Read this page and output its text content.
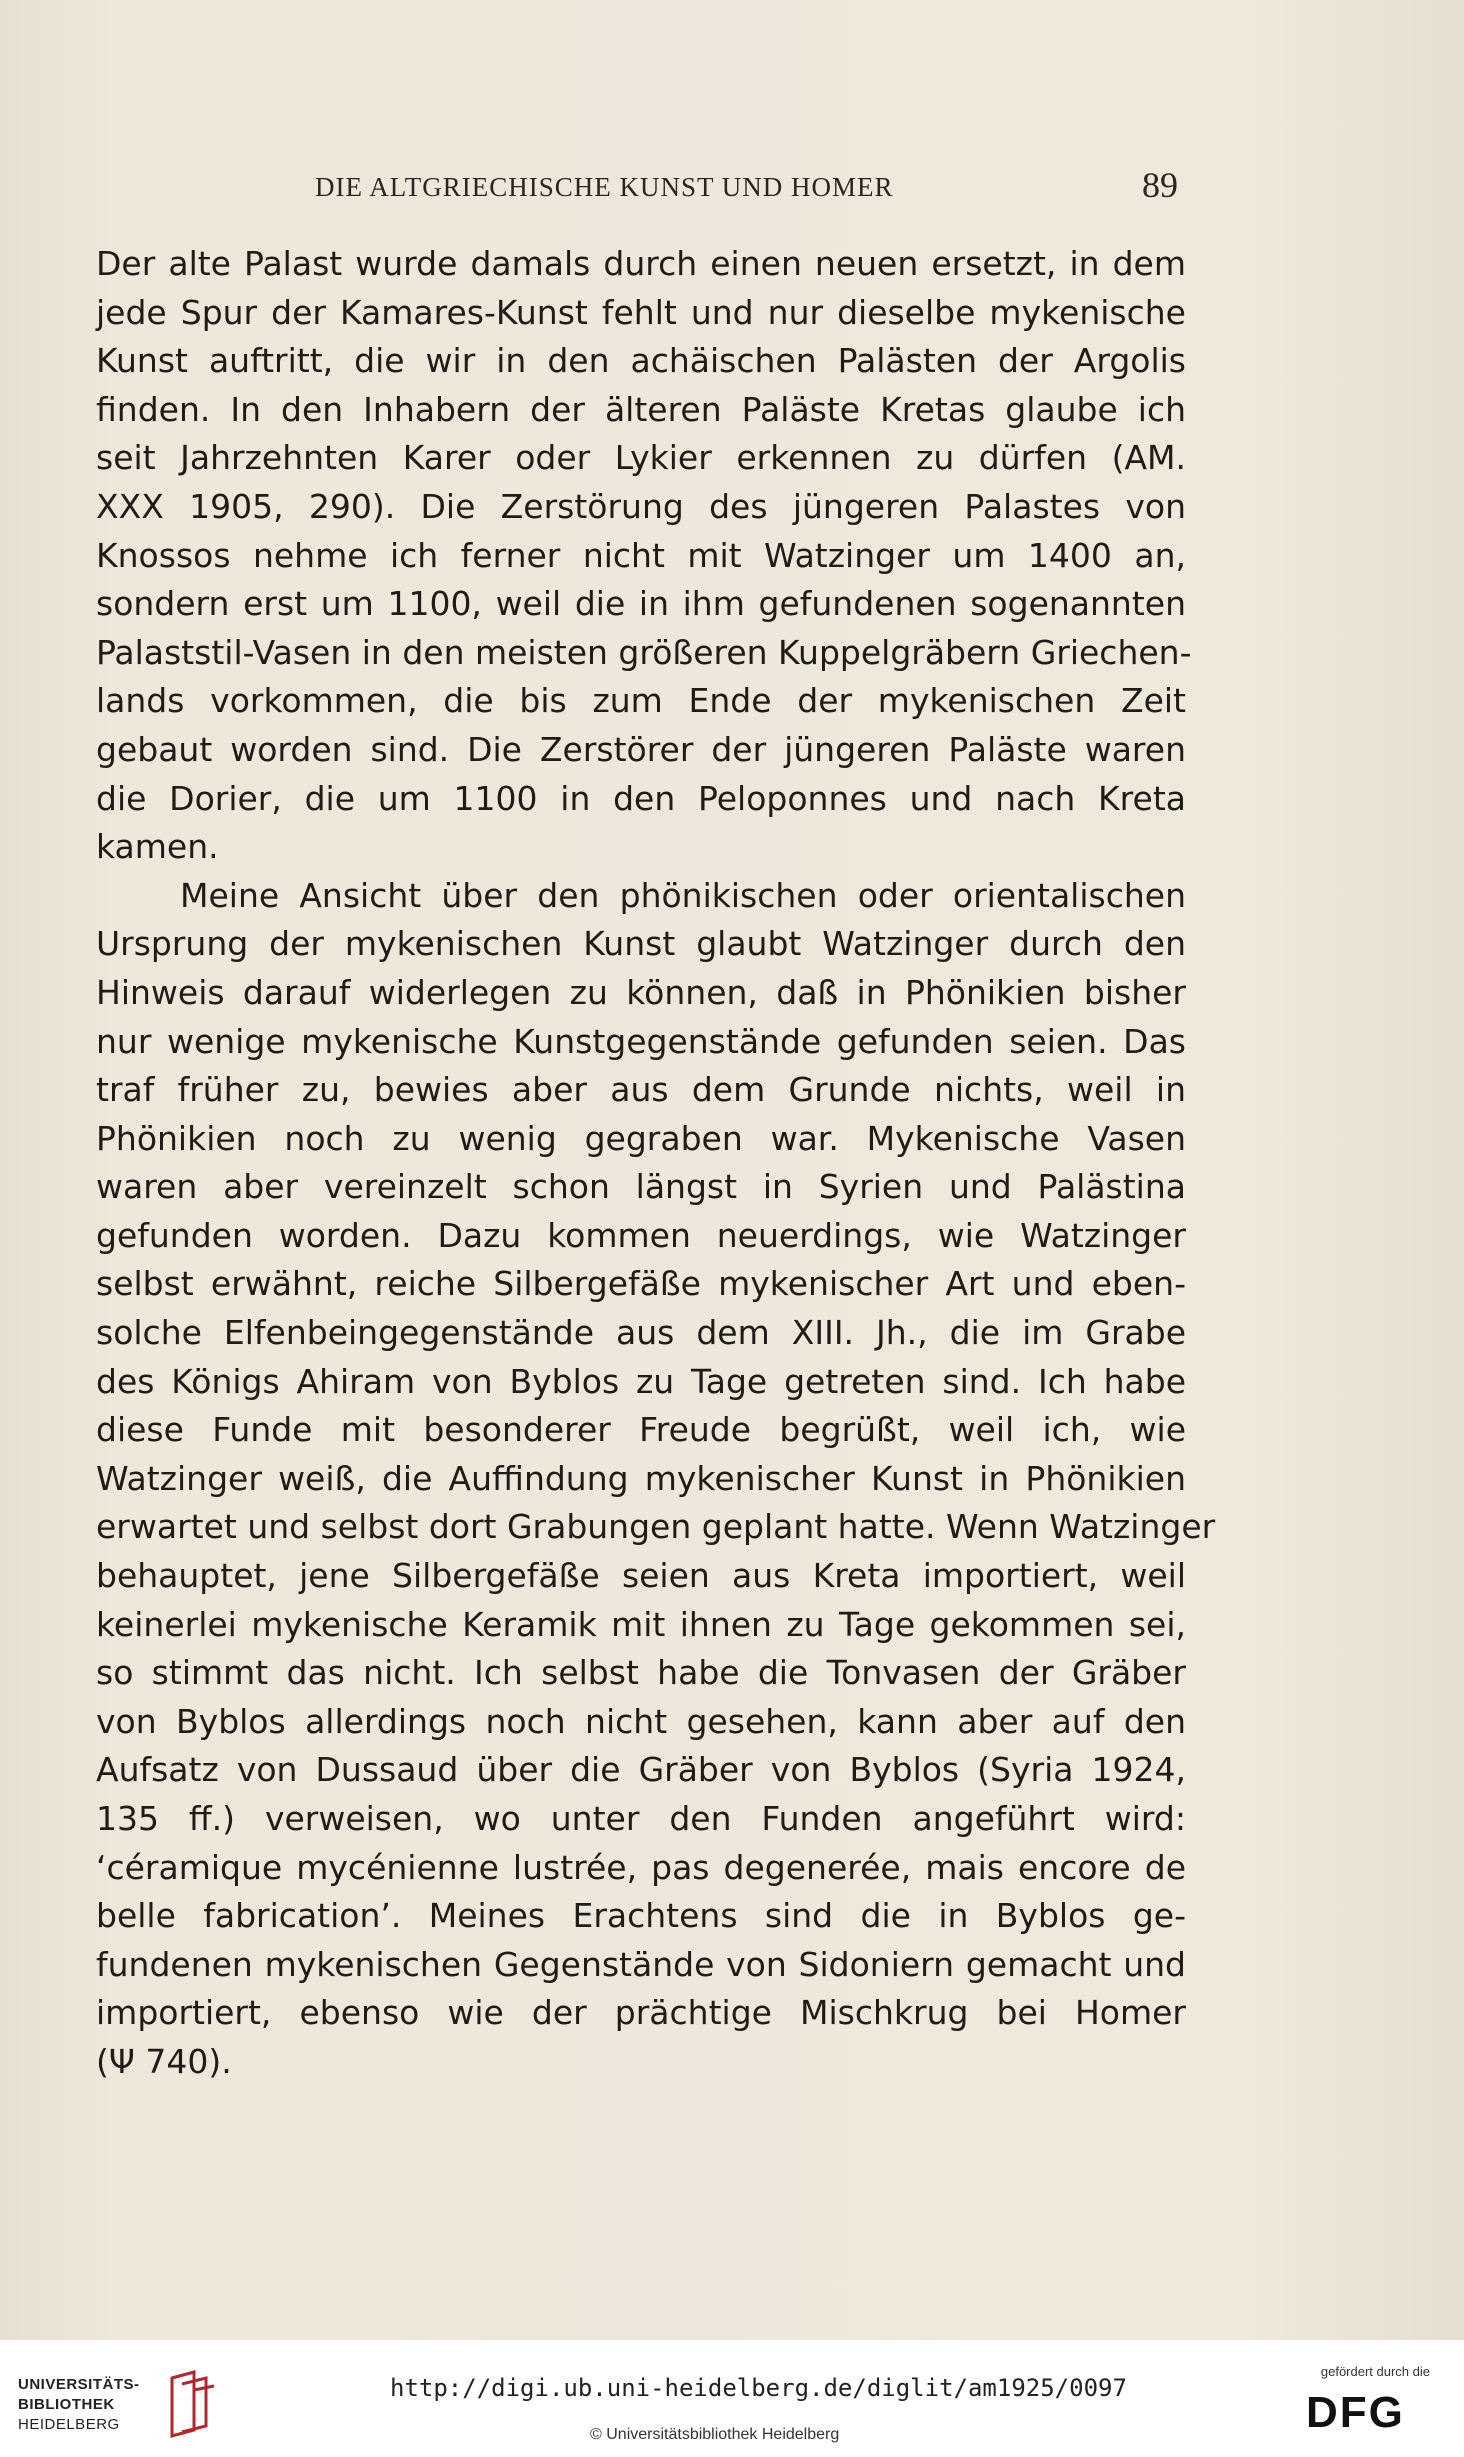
DIE ALTGRIECHISCHE KUNST UND HOMER	89
Der alte Palast wurde damals durch einen neuen ersetzt, in dem
jede Spur der Kamares-Kunst fehlt und nur dieselbe mykenische
Kunst auftritt, die wir in den achäischen Palästen der Argolis
finden. In den Inhabern der älteren Paläste Kretas glaube ich
seit Jahrzehnten Karer oder Lykier erkennen zu dürfen (AM.
XXX 1905, 290). Die Zerstörung des jüngeren Palastes von
Knossos nehme ich ferner nicht mit Watzinger um 1400 an,
sondern erst um 1100, weil die in ihm gefundenen sogenannten
Palaststil-Vasen in den meisten größeren Kuppelgräbern Griechen-
lands vorkommen, die bis zum Ende der mykenischen Zeit
gebaut worden sind. Die Zerstörer der jüngeren Paläste waren
die Dorier, die um 1100 in den Peloponnes und nach Kreta
kamen.
Meine Ansicht über den phönikischen oder orientalischen
Ursprung der mykenischen Kunst glaubt Watzinger durch den
Hinweis darauf widerlegen zu können, daß in Phönikien bisher
nur wenige mykenische Kunstgegenstände gefunden seien. Das
traf früher zu, bewies aber aus dem Grunde nichts, weil in
Phönikien noch zu wenig gegraben war. Mykenische Vasen
waren aber vereinzelt schon längst in Syrien und Palästina
gefunden worden. Dazu kommen neuerdings, wie Watzinger
selbst erwähnt, reiche Silbergefäße mykenischer Art und eben-
solche Elfenbeingegenstände aus dem XIII. Jh., die im Grabe
des Königs Ahiram von Byblos zu Tage getreten sind. Ich habe
diese Funde mit besonderer Freude begrüßt, weil ich, wie
Watzinger weiß, die Auffindung mykenischer Kunst in Phönikien
erwartet und selbst dort Grabungen geplant hatte. Wenn Watzinger
behauptet, jene Silbergefäße seien aus Kreta importiert, weil
keinerlei mykenische Keramik mit ihnen zu Tage gekommen sei,
so stimmt das nicht. Ich selbst habe die Tonvasen der Gräber
von Byblos allerdings noch nicht gesehen, kann aber auf den
Aufsatz von Dussaud über die Gräber von Byblos (Syria 1924,
135 ff.) verweisen, wo unter den Funden angeführt wird:
‘céramique mycénienne lustrée, pas degenerée, mais encore de
belle fabrication’. Meines Erachtens sind die in Byblos ge-
fundenen mykenischen Gegenstände von Sidoniern gemacht und
importiert, ebenso wie der prächtige Mischkrug bei Homer
(Ψ 740).
UNIVERSITÄTS-
BIBLIOTHEK
HEIDELBERG
http://digi.ub.uni-heidelberg.de/diglit/am1925/0097
© Universitätsbibliothek Heidelberg
gefördert durch die
DFG
